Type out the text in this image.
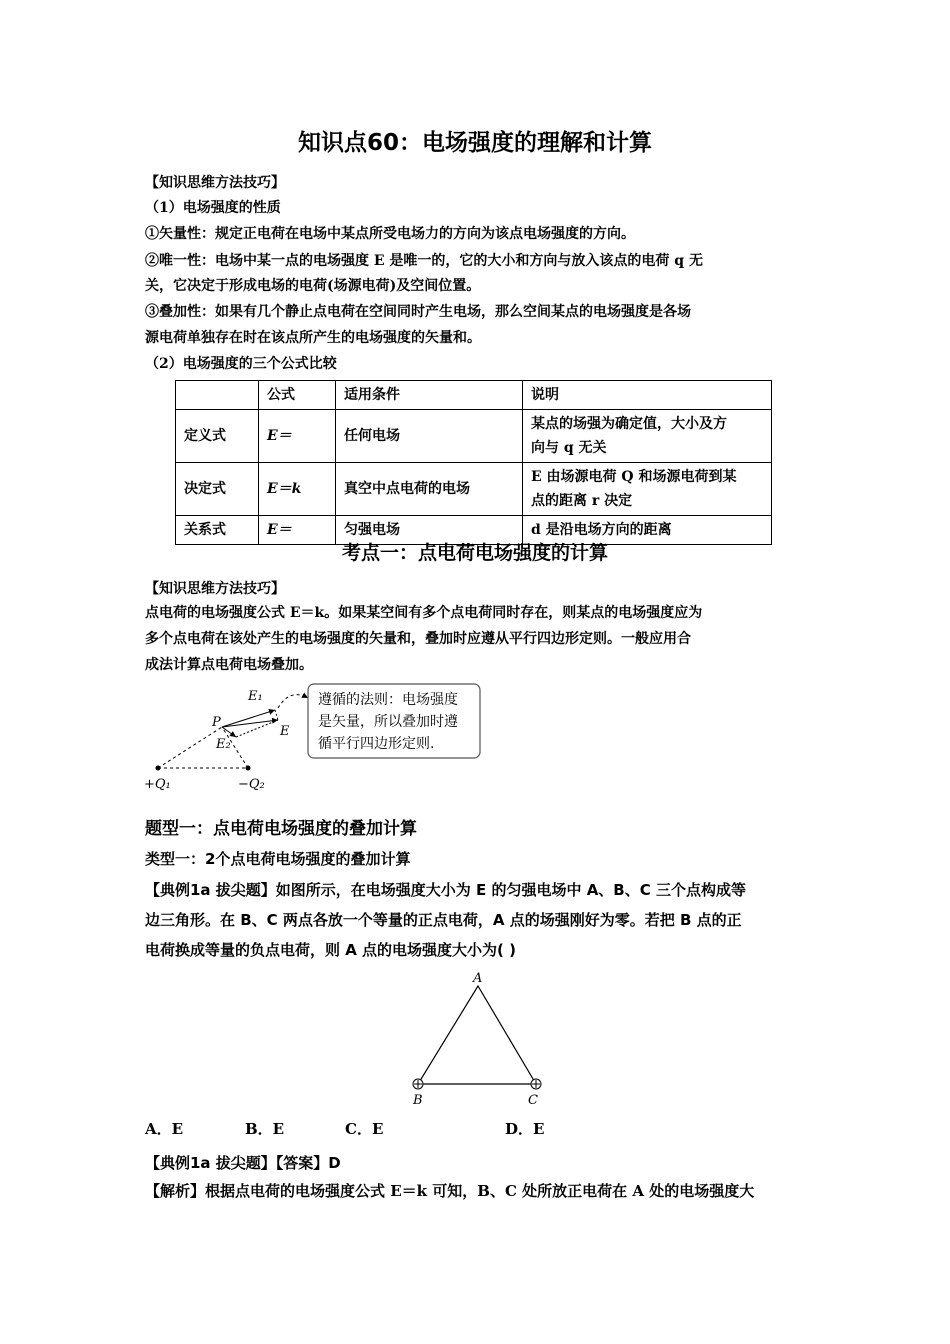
知识点60：电场强度的理解和计算
【知识思维方法技巧】
（1）电场强度的性质
①矢量性：规定正电荷在电场中某点所受电场力的方向为该点电场强度的方向。
②唯一性：电场中某一点的电场强度 E 是唯一的，它的大小和方向与放入该点的电荷 q 无
关，它决定于形成电场的电荷(场源电荷)及空间位置。
③叠加性：如果有几个静止点电荷在空间同时产生电场，那么空间某点的电场强度是各场
源电荷单独存在时在该点所产生的电场强度的矢量和。
（2）电场强度的三个公式比较
	公式	适用条件	说明
定义式	E＝	任何电场	某点的场强为确定值，大小及方
向与 q 无关

决定式	E＝k	真空中点电荷的电场	E 由场源电荷 Q 和场源电荷到某
点的距离 r 决定

关系式	E＝	匀强电场	d 是沿电场方向的距离
考点一：点电荷电场强度的计算
【知识思维方法技巧】
点电荷的电场强度公式 E＝k。如果某空间有多个点电荷同时存在，则某点的电场强度应为
多个点电荷在该处产生的电场强度的矢量和，叠加时应遵从平行四边形定则。一般应用合
成法计算点电荷电场叠加。
E₁
P
E
E₂
+Q₁	−Q₂
遵循的法则：电场强度
是矢量，所以叠加时遵
循平行四边形定则.
题型一：点电荷电场强度的叠加计算
类型一：2个点电荷电场强度的叠加计算
【典例1a 拔尖题】如图所示，在电场强度大小为 E 的匀强电场中 A、B、C 三个点构成等
边三角形。在 B、C 两点各放一个等量的正点电荷，A 点的场强刚好为零。若把 B 点的正
电荷换成等量的负点电荷，则 A 点的电场强度大小为( )
A
B	C
A．E	B．E	C．E	D．E
【典例1a 拔尖题】【答案】D
【解析】根据点电荷的电场强度公式 E＝k 可知，B、C 处所放正电荷在 A 处的电场强度大
